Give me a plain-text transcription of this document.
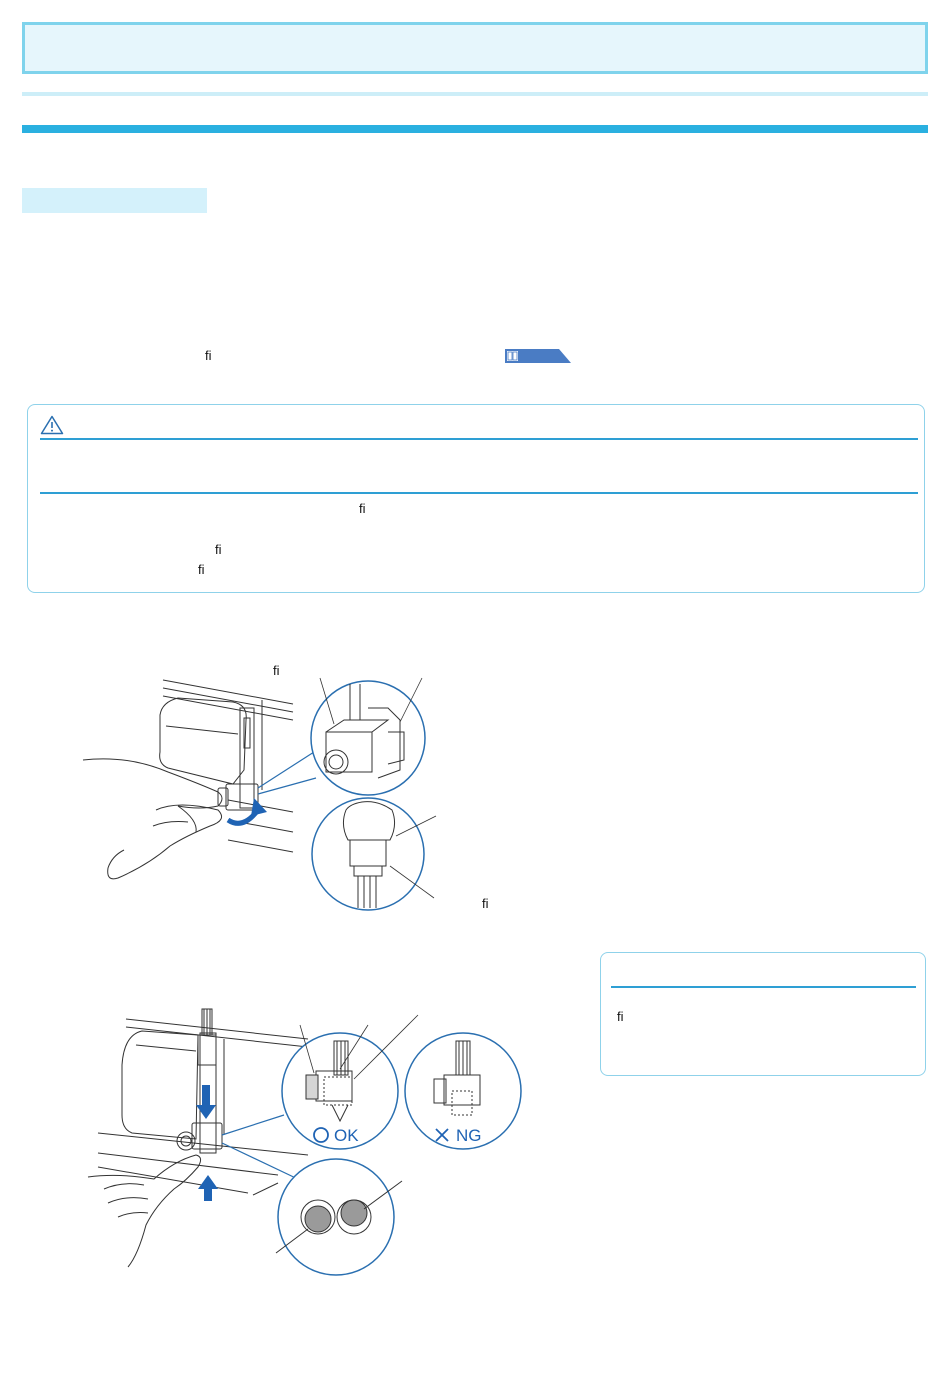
ﬁ
ﬁ
ﬁ
ﬁ
ﬁ
ﬁ
ﬁ
OK	NG
